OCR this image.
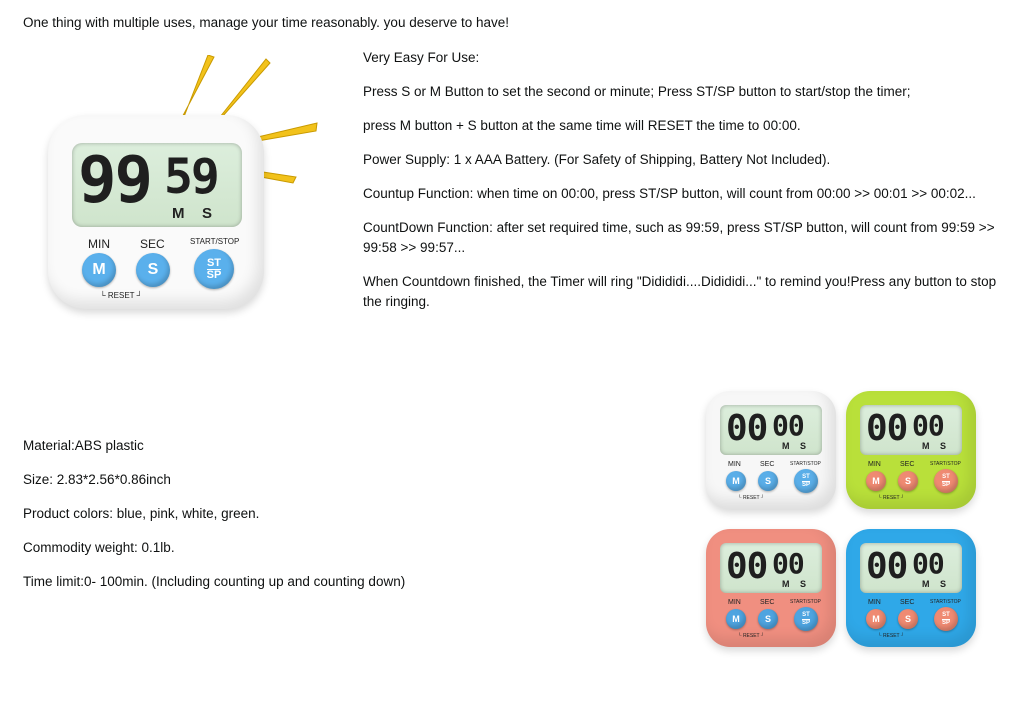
One thing with multiple uses, manage your time reasonably. you deserve to have!
99 59
M S
MIN	SEC	START/STOP
M	S	ST
SP
└ RESET ┘

Very Easy For Use:

Press S or M Button to set the second or minute; Press ST/SP button to start/stop the timer;

press M button + S button at the same time will RESET the time to 00:00.

Power Supply: 1 x AAA Battery. (For Safety of Shipping, Battery Not Included).

Countup Function: when time on 00:00, press ST/SP button, will count from 00:00 >> 00:01 >> 00:02...

CountDown Function: after set required time, such as 99:59, press ST/SP button, will count from 99:59 >> 99:58 >> 99:57...

When Countdown finished, the Timer will ring "Didididi....Didididi..." to remind you!Press any button to stop the ringing.

Material:ABS plastic

Size: 2.83*2.56*0.86inch

Product colors: blue, pink, white, green.

Commodity weight: 0.1lb.

Time limit:0- 100min. (Including counting up and counting down)

00 00
M S
MIN	SEC	START/STOP
M	S	ST
SP
└ RESET ┘
00 00
M S
MIN	SEC	START/STOP
M	S	ST
SP
└ RESET ┘
00 00
M S
MIN	SEC	START/STOP
M	S	ST
SP
└ RESET ┘
00 00
M S
MIN	SEC	START/STOP
M	S	ST
SP
└ RESET ┘
